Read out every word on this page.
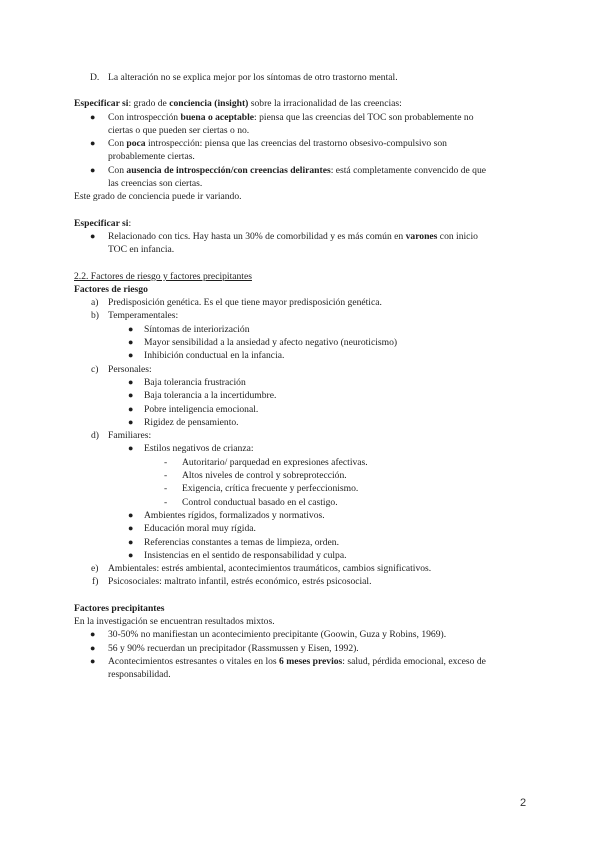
D. La alteración no se explica mejor por los síntomas de otro trastorno mental.
Especificar si: grado de conciencia (insight) sobre la irracionalidad de las creencias:
● Con introspección buena o aceptable: piensa que las creencias del TOC son probablemente no
ciertas o que pueden ser ciertas o no.
● Con poca introspección: piensa que las creencias del trastorno obsesivo-compulsivo son
probablemente ciertas.
● Con ausencia de introspección/con creencias delirantes: está completamente convencido de que
las creencias son ciertas.
Este grado de conciencia puede ir variando.
Especificar si:
● Relacionado con tics. Hay hasta un 30% de comorbilidad y es más común en varones con inicio
TOC en infancia.
2.2. Factores de riesgo y factores precipitantes
Factores de riesgo
a) Predisposición genética. Es el que tiene mayor predisposición genética.
b) Temperamentales:
● Síntomas de interiorización
● Mayor sensibilidad a la ansiedad y afecto negativo (neuroticismo)
● Inhibición conductual en la infancia.
c) Personales:
● Baja tolerancia frustración
● Baja tolerancia a la incertidumbre.
● Pobre inteligencia emocional.
● Rigidez de pensamiento.
d) Familiares:
● Estilos negativos de crianza:
- Autoritario/ parquedad en expresiones afectivas.
- Altos niveles de control y sobreprotección.
- Exigencia, crítica frecuente y perfeccionismo.
- Control conductual basado en el castigo.
● Ambientes rígidos, formalizados y normativos.
● Educación moral muy rígida.
● Referencias constantes a temas de limpieza, orden.
● Insistencias en el sentido de responsabilidad y culpa.
e) Ambientales: estrés ambiental, acontecimientos traumáticos, cambios significativos.
f) Psicosociales: maltrato infantil, estrés económico, estrés psicosocial.
Factores precipitantes
En la investigación se encuentran resultados mixtos.
● 30-50% no manifiestan un acontecimiento precipitante (Goowin, Guza y Robins, 1969).
● 56 y 90% recuerdan un precipitador (Rassmussen y Eisen, 1992).
● Acontecimientos estresantes o vitales en los 6 meses previos: salud, pérdida emocional, exceso de
responsabilidad.
2
